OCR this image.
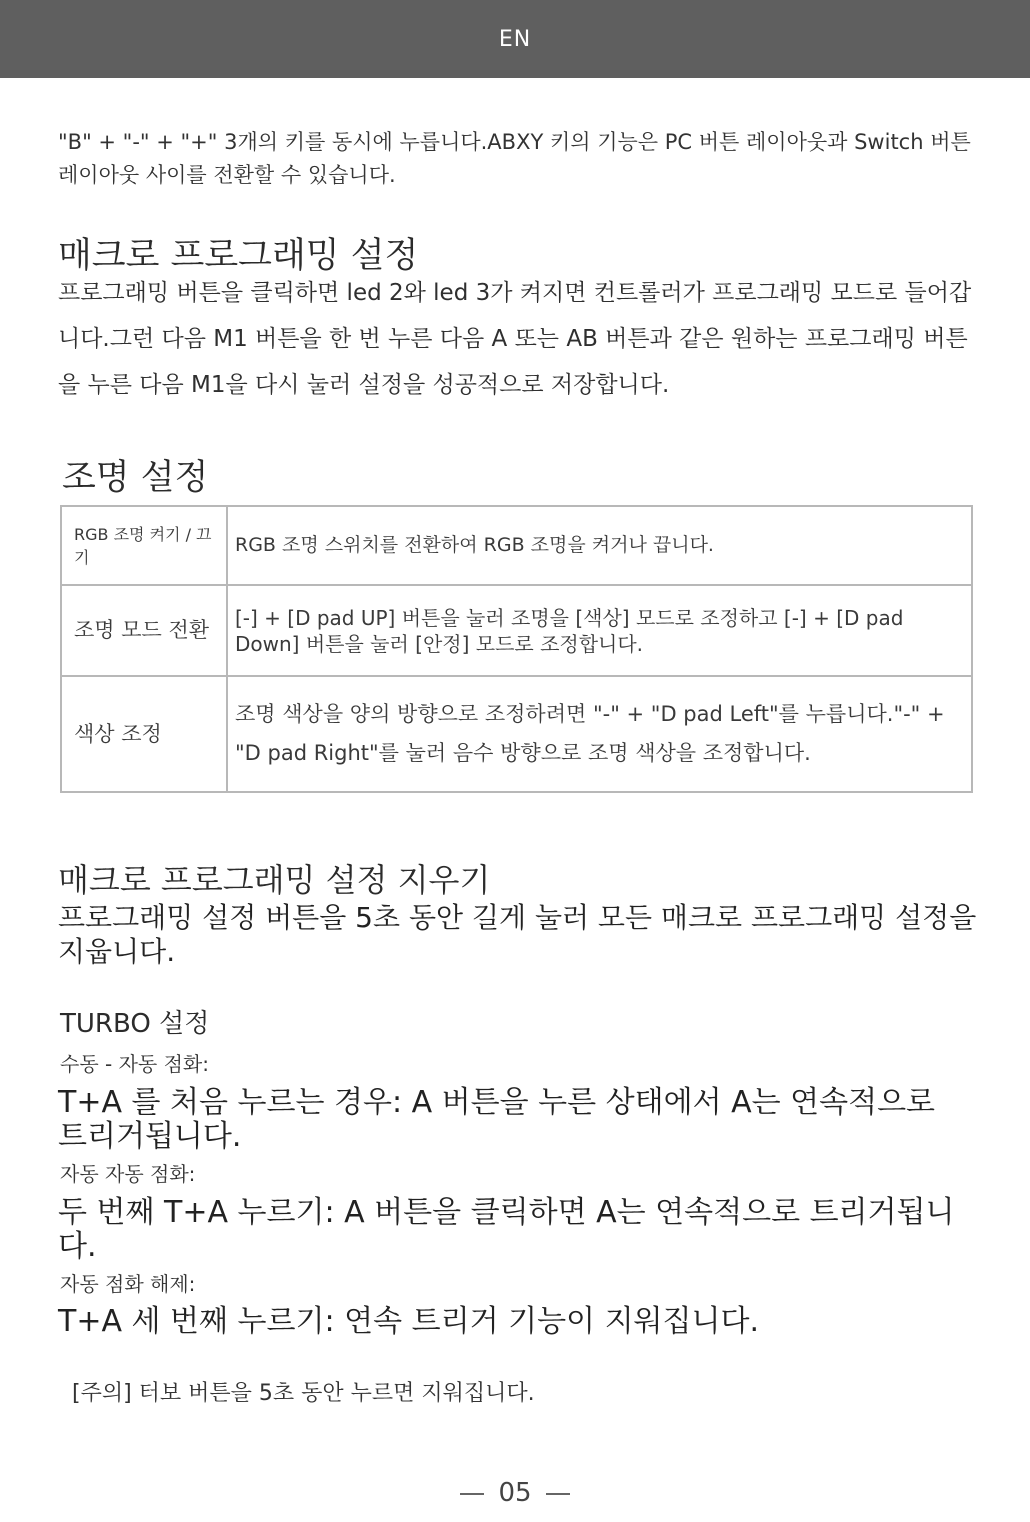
EN

"B" + "-" + "+" 3개의 키를 동시에 누릅니다.ABXY 키의 기능은 PC 버튼 레이아웃과 Switch 버튼 레이아웃 사이를 전환할 수 있습니다.

매크로 프로그래밍 설정

프로그래밍 버튼을 클릭하면 led 2와 led 3가 켜지면 컨트롤러가 프로그래밍 모드로 들어갑니다.그런 다음 M1 버튼을 한 번 누른 다음 A 또는 AB 버튼과 같은 원하는 프로그래밍 버튼을 누른 다음 M1을 다시 눌러 설정을 성공적으로 저장합니다.

조명 설정
RGB 조명 켜기 / 끄기	RGB 조명 스위치를 전환하여 RGB 조명을 켜거나 끕니다.
조명 모드 전환	[-] + [D pad UP] 버튼을 눌러 조명을 [색상] 모드로 조정하고 [-] + [D pad Down] 버튼을 눌러 [안정] 모드로 조정합니다.
색상 조정	조명 색상을 양의 방향으로 조정하려면 "-" + "D pad Left"를 누릅니다."-" + "D pad Right"를 눌러 음수 방향으로 조명 색상을 조정합니다.
매크로 프로그래밍 설정 지우기

프로그래밍 설정 버튼을 5초 동안 길게 눌러 모든 매크로 프로그래밍 설정을 지웁니다.

TURBO 설정

수동 - 자동 점화:

T+A 를 처음 누르는 경우: A 버튼을 누른 상태에서 A는 연속적으로 트리거됩니다.

자동 자동 점화:

두 번째 T+A 누르기: A 버튼을 클릭하면 A는 연속적으로 트리거됩니다.

자동 점화 해제:

T+A 세 번째 누르기: 연속 트리거 기능이 지워집니다.

[주의] 터보 버튼을 5초 동안 누르면 지워집니다.

05
